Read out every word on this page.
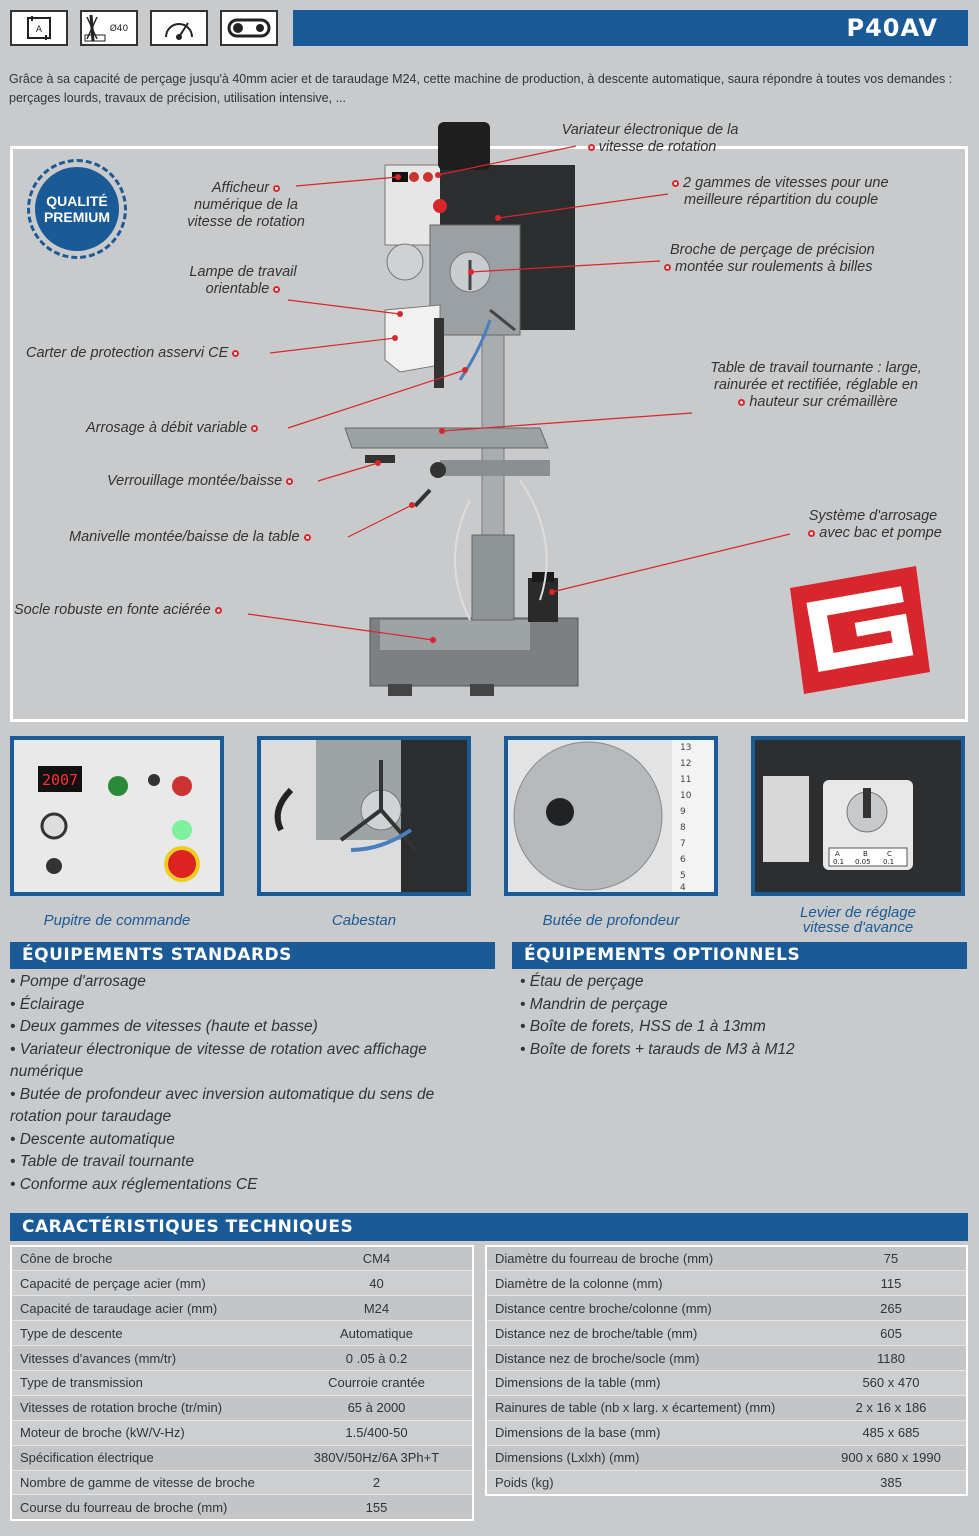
A	Ø40	P40AV

Grâce à sa capacité de perçage jusqu'à 40mm acier et de taraudage M24, cette machine de production, à descente automatique, saura répondre à toutes vos demandes : perçages lourds, travaux de précision, utilisation intensive, ...

QUALITÉ
PREMIUM
Variateur électronique de la
vitesse de rotation
Afficheur
numérique de la
vitesse de rotation
2 gammes de vitesses pour une
meilleure répartition du couple
Broche de perçage de précision
montée sur roulements à billes
Lampe de travail
orientable
Carter de protection asservi CE
Table de travail tournante : large,
rainurée et rectifiée, réglable en
hauteur sur crémaillère
Arrosage à débit variable
Verrouillage montée/baisse
Manivelle montée/baisse de la table
Système d'arrosage
avec bac et pompe
Socle robuste en fonte aciérée
2007
13
12
11
10
9
8
7
6
5
4
A	B	C
0.1 0.05 0.1
Pupitre de commande	Cabestan	Butée de profondeur	Levier de réglage
vitesse d'avance
ÉQUIPEMENTS STANDARDS	ÉQUIPEMENTS OPTIONNELS
• Pompe d'arrosage
• Éclairage
• Deux gammes de vitesses (haute et basse)
• Variateur électronique de vitesse de rotation avec affichage
numérique
• Butée de profondeur avec inversion automatique du sens de
rotation pour taraudage
• Descente automatique
• Table de travail tournante
• Conforme aux réglementations CE
• Étau de perçage
• Mandrin de perçage
• Boîte de forets, HSS de 1 à 13mm
• Boîte de forets + tarauds de M3 à M12
CARACTÉRISTIQUES TECHNIQUES
Cône de broche	CM4
Capacité de perçage acier (mm)	40
Capacité de taraudage acier (mm)	M24
Type de descente	Automatique
Vitesses d'avances (mm/tr)	0 .05 à 0.2
Type de transmission	Courroie crantée
Vitesses de rotation broche (tr/min)	65 à 2000
Moteur de broche (kW/V-Hz)	1.5/400-50
Spécification électrique	380V/50Hz/6A 3Ph+T
Nombre de gamme de vitesse de broche	2
Course du fourreau de broche (mm)	155
Diamètre du fourreau de broche (mm)	75
Diamètre de la colonne (mm)	115
Distance centre broche/colonne (mm)	265
Distance nez de broche/table (mm)	605
Distance nez de broche/socle (mm)	1180
Dimensions de la table (mm)	560 x 470
Rainures de table (nb x larg. x écartement) (mm)	2 x 16 x 186
Dimensions de la base (mm)	485 x 685
Dimensions (Lxlxh) (mm)	900 x 680 x 1990
Poids (kg)	385
